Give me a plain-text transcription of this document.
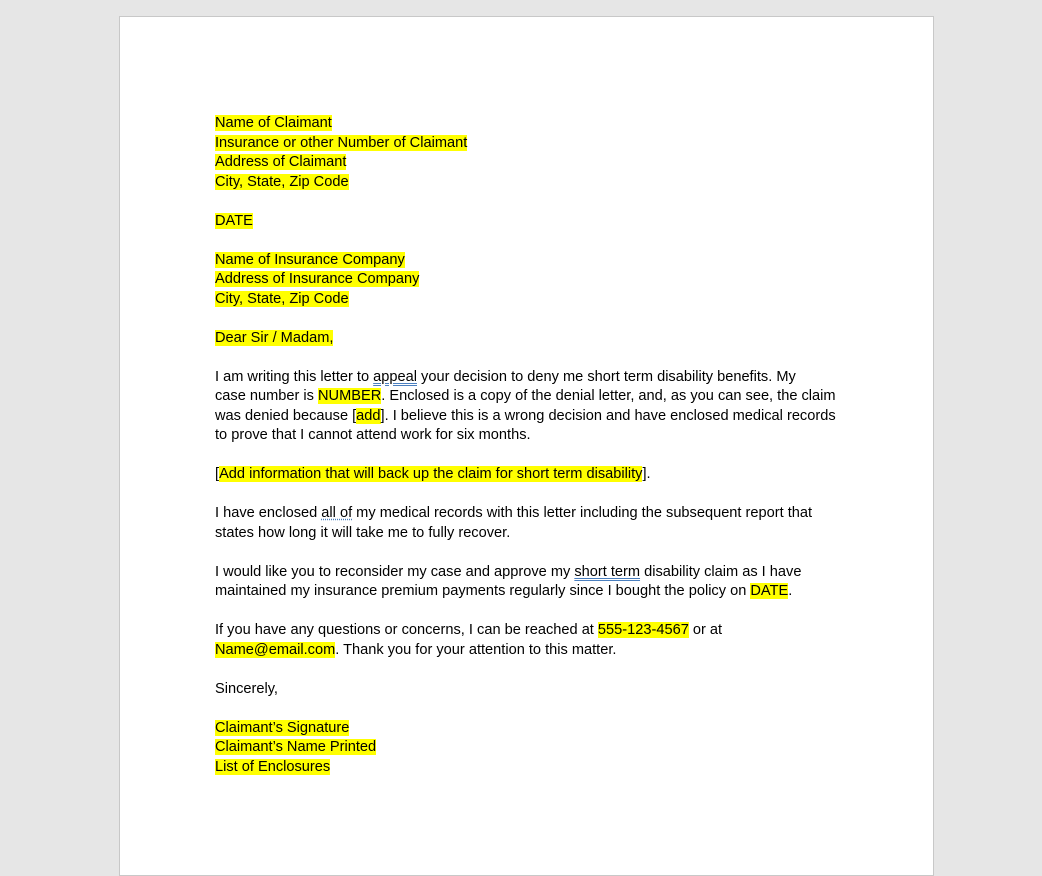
Name of Claimant
Insurance or other Number of Claimant
Address of Claimant
City, State, Zip Code
DATE
Name of Insurance Company
Address of Insurance Company
City, State, Zip Code
Dear Sir / Madam,
I am writing this letter to appeal your decision to deny me short term disability benefits. My
case number is NUMBER. Enclosed is a copy of the denial letter, and, as you can see, the claim
was denied because [add]. I believe this is a wrong decision and have enclosed medical records
to prove that I cannot attend work for six months.
[Add information that will back up the claim for short term disability].
I have enclosed all of my medical records with this letter including the subsequent report that
states how long it will take me to fully recover.
I would like you to reconsider my case and approve my short term disability claim as I have
maintained my insurance premium payments regularly since I bought the policy on DATE.
If you have any questions or concerns, I can be reached at 555-123-4567 or at
Name@email.com. Thank you for your attention to this matter.
Sincerely,
Claimant’s Signature
Claimant’s Name Printed
List of Enclosures
